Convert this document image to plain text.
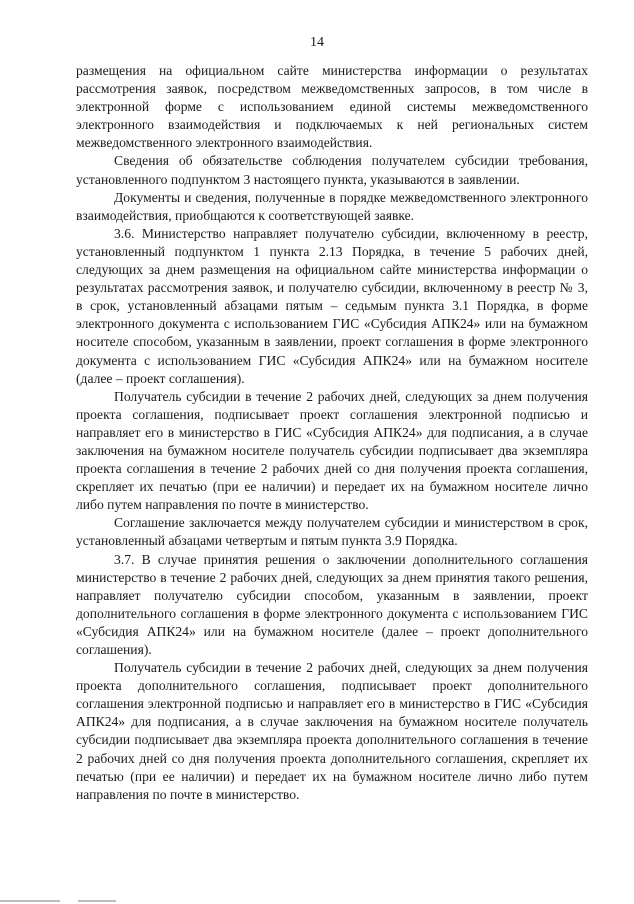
14

размещения на официальном сайте министерства информации о результатах рассмотрения заявок, посредством межведомственных запросов, в том числе в электронной форме с использованием единой системы межведомственного электронного взаимодействия и подключаемых к ней региональных систем межведомственного электронного взаимодействия.

Сведения об обязательстве соблюдения получателем субсидии требования, установленного подпунктом 3 настоящего пункта, указываются в заявлении.

Документы и сведения, полученные в порядке межведомственного электронного взаимодействия, приобщаются к соответствующей заявке.

3.6. Министерство направляет получателю субсидии, включенному в реестр, установленный подпунктом 1 пункта 2.13 Порядка, в течение 5 рабочих дней, следующих за днем размещения на официальном сайте министерства информации о результатах рассмотрения заявок, и получателю субсидии, включенному в реестр № 3, в срок, установленный абзацами пятым – седьмым пункта 3.1 Порядка, в форме электронного документа с использованием ГИС «Субсидия АПК24» или на бумажном носителе способом, указанным в заявлении, проект соглашения в форме электронного документа с использованием ГИС «Субсидия АПК24» или на бумажном носителе (далее – проект соглашения).

Получатель субсидии в течение 2 рабочих дней, следующих за днем получения проекта соглашения, подписывает проект соглашения электронной подписью и направляет его в министерство в ГИС «Субсидия АПК24» для подписания, а в случае заключения на бумажном носителе получатель субсидии подписывает два экземпляра проекта соглашения в течение 2 рабочих дней со дня получения проекта соглашения, скрепляет их печатью (при ее наличии) и передает их на бумажном носителе лично либо путем направления по почте в министерство.

Соглашение заключается между получателем субсидии и министерством в срок, установленный абзацами четвертым и пятым пункта 3.9 Порядка.

3.7. В случае принятия решения о заключении дополнительного соглашения министерство в течение 2 рабочих дней, следующих за днем принятия такого решения, направляет получателю субсидии способом, указанным в заявлении, проект дополнительного соглашения в форме электронного документа с использованием ГИС «Субсидия АПК24» или на бумажном носителе (далее – проект дополнительного соглашения).

Получатель субсидии в течение 2 рабочих дней, следующих за днем получения проекта дополнительного соглашения, подписывает проект дополнительного соглашения электронной подписью и направляет его в министерство в ГИС «Субсидия АПК24» для подписания, а в случае заключения на бумажном носителе получатель субсидии подписывает два экземпляра проекта дополнительного соглашения в течение 2 рабочих дней со дня получения проекта дополнительного соглашения, скрепляет их печатью (при ее наличии) и передает их на бумажном носителе лично либо путем направления по почте в министерство.
